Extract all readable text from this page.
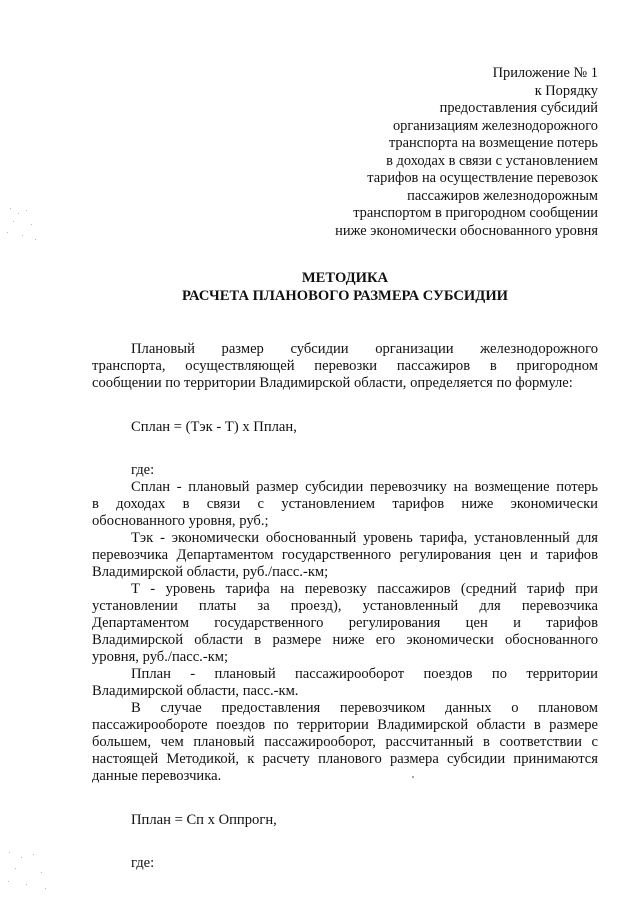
Приложение № 1
к Порядку
предоставления субсидий
организациям железнодорожного
транспорта на возмещение потерь
в доходах в связи с установлением
тарифов на осуществление перевозок
пассажиров железнодорожным
транспортом в пригородном сообщении
ниже экономически обоснованного уровня
МЕТОДИКА
РАСЧЕТА ПЛАНОВОГО РАЗМЕРА СУБСИДИИ
Плановый размер субсидии организации железнодорожного
транспорта, осуществляющей перевозки пассажиров в пригородном
сообщении по территории Владимирской области, определяется по формуле:
Сплан = (Тэк - Т) х Пплан,
где:
Сплан - плановый размер субсидии перевозчику на возмещение потерь
в доходах в связи с установлением тарифов ниже экономически
обоснованного уровня, руб.;
Тэк - экономически обоснованный уровень тарифа, установленный для
перевозчика Департаментом государственного регулирования цен и тарифов
Владимирской области, руб./пасс.-км;
Т - уровень тарифа на перевозку пассажиров (средний тариф при
установлении платы за проезд), установленный для перевозчика
Департаментом государственного регулирования цен и тарифов
Владимирской области в размере ниже его экономически обоснованного
уровня, руб./пасс.-км;
Пплан - плановый пассажирооборот поездов по территории
Владимирской области, пасс.-км.
В случае предоставления перевозчиком данных о плановом
пассажирообороте поездов по территории Владимирской области в размере
большем, чем плановый пассажирооборот, рассчитанный в соответствии с
настоящей Методикой, к расчету планового размера субсидии принимаются
данные перевозчика.
Пплан = Сп х Оппрогн,
где:
